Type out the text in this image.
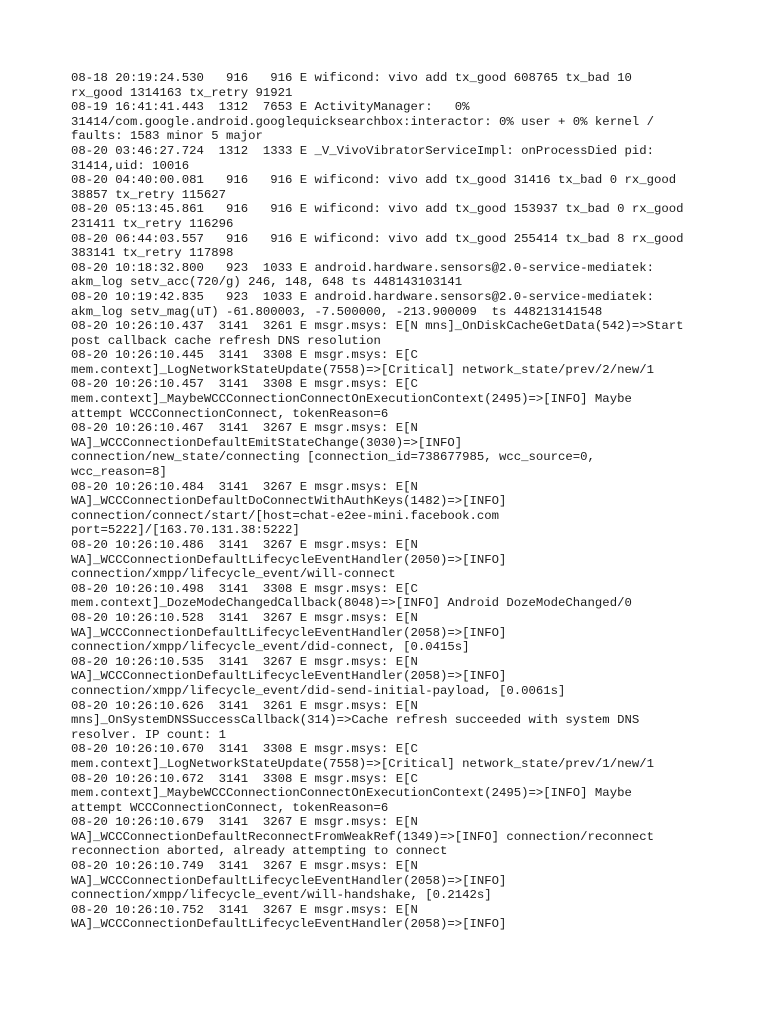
08-18 20:19:24.530   916   916 E wificond: vivo add tx_good 608765 tx_bad 10
rx_good 1314163 tx_retry 91921
08-19 16:41:41.443  1312  7653 E ActivityManager:   0%
31414/com.google.android.googlequicksearchbox:interactor: 0% user + 0% kernel /
faults: 1583 minor 5 major
08-20 03:46:27.724  1312  1333 E _V_VivoVibratorServiceImpl: onProcessDied pid:
31414,uid: 10016
08-20 04:40:00.081   916   916 E wificond: vivo add tx_good 31416 tx_bad 0 rx_good
38857 tx_retry 115627
08-20 05:13:45.861   916   916 E wificond: vivo add tx_good 153937 tx_bad 0 rx_good
231411 tx_retry 116296
08-20 06:44:03.557   916   916 E wificond: vivo add tx_good 255414 tx_bad 8 rx_good
383141 tx_retry 117898
08-20 10:18:32.800   923  1033 E android.hardware.sensors@2.0-service-mediatek:
akm_log setv_acc(720/g) 246, 148, 648 ts 448143103141
08-20 10:19:42.835   923  1033 E android.hardware.sensors@2.0-service-mediatek:
akm_log setv_mag(uT) -61.800003, -7.500000, -213.900009  ts 448213141548
08-20 10:26:10.437  3141  3261 E msgr.msys: E[N mns]_OnDiskCacheGetData(542)=>Start
post callback cache refresh DNS resolution
08-20 10:26:10.445  3141  3308 E msgr.msys: E[C
mem.context]_LogNetworkStateUpdate(7558)=>[Critical] network_state/prev/2/new/1
08-20 10:26:10.457  3141  3308 E msgr.msys: E[C
mem.context]_MaybeWCCConnectionConnectOnExecutionContext(2495)=>[INFO] Maybe
attempt WCCConnectionConnect, tokenReason=6
08-20 10:26:10.467  3141  3267 E msgr.msys: E[N
WA]_WCCConnectionDefaultEmitStateChange(3030)=>[INFO]
connection/new_state/connecting [connection_id=738677985, wcc_source=0,
wcc_reason=8]
08-20 10:26:10.484  3141  3267 E msgr.msys: E[N
WA]_WCCConnectionDefaultDoConnectWithAuthKeys(1482)=>[INFO]
connection/connect/start/[host=chat-e2ee-mini.facebook.com
port=5222]/[163.70.131.38:5222]
08-20 10:26:10.486  3141  3267 E msgr.msys: E[N
WA]_WCCConnectionDefaultLifecycleEventHandler(2050)=>[INFO]
connection/xmpp/lifecycle_event/will-connect
08-20 10:26:10.498  3141  3308 E msgr.msys: E[C
mem.context]_DozeModeChangedCallback(8048)=>[INFO] Android DozeModeChanged/0
08-20 10:26:10.528  3141  3267 E msgr.msys: E[N
WA]_WCCConnectionDefaultLifecycleEventHandler(2058)=>[INFO]
connection/xmpp/lifecycle_event/did-connect, [0.0415s]
08-20 10:26:10.535  3141  3267 E msgr.msys: E[N
WA]_WCCConnectionDefaultLifecycleEventHandler(2058)=>[INFO]
connection/xmpp/lifecycle_event/did-send-initial-payload, [0.0061s]
08-20 10:26:10.626  3141  3261 E msgr.msys: E[N
mns]_OnSystemDNSSuccessCallback(314)=>Cache refresh succeeded with system DNS
resolver. IP count: 1
08-20 10:26:10.670  3141  3308 E msgr.msys: E[C
mem.context]_LogNetworkStateUpdate(7558)=>[Critical] network_state/prev/1/new/1
08-20 10:26:10.672  3141  3308 E msgr.msys: E[C
mem.context]_MaybeWCCConnectionConnectOnExecutionContext(2495)=>[INFO] Maybe
attempt WCCConnectionConnect, tokenReason=6
08-20 10:26:10.679  3141  3267 E msgr.msys: E[N
WA]_WCCConnectionDefaultReconnectFromWeakRef(1349)=>[INFO] connection/reconnect
reconnection aborted, already attempting to connect
08-20 10:26:10.749  3141  3267 E msgr.msys: E[N
WA]_WCCConnectionDefaultLifecycleEventHandler(2058)=>[INFO]
connection/xmpp/lifecycle_event/will-handshake, [0.2142s]
08-20 10:26:10.752  3141  3267 E msgr.msys: E[N
WA]_WCCConnectionDefaultLifecycleEventHandler(2058)=>[INFO]
